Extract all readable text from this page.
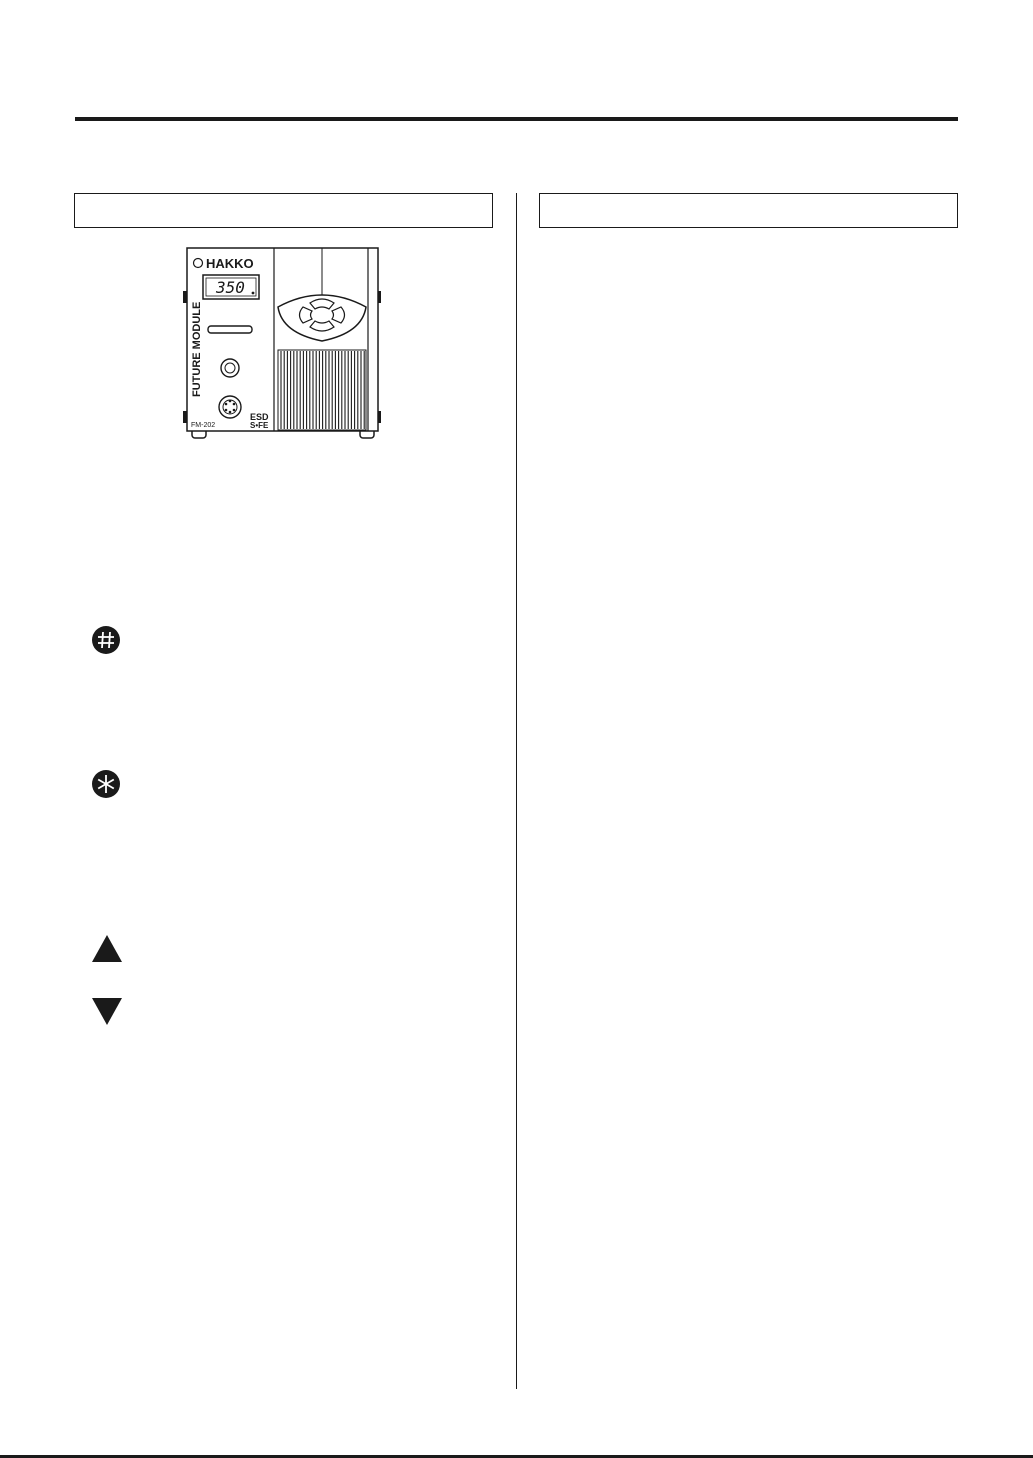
HAKKO
350
FUTURE MODULE
FM-202
ESD
S•FE
